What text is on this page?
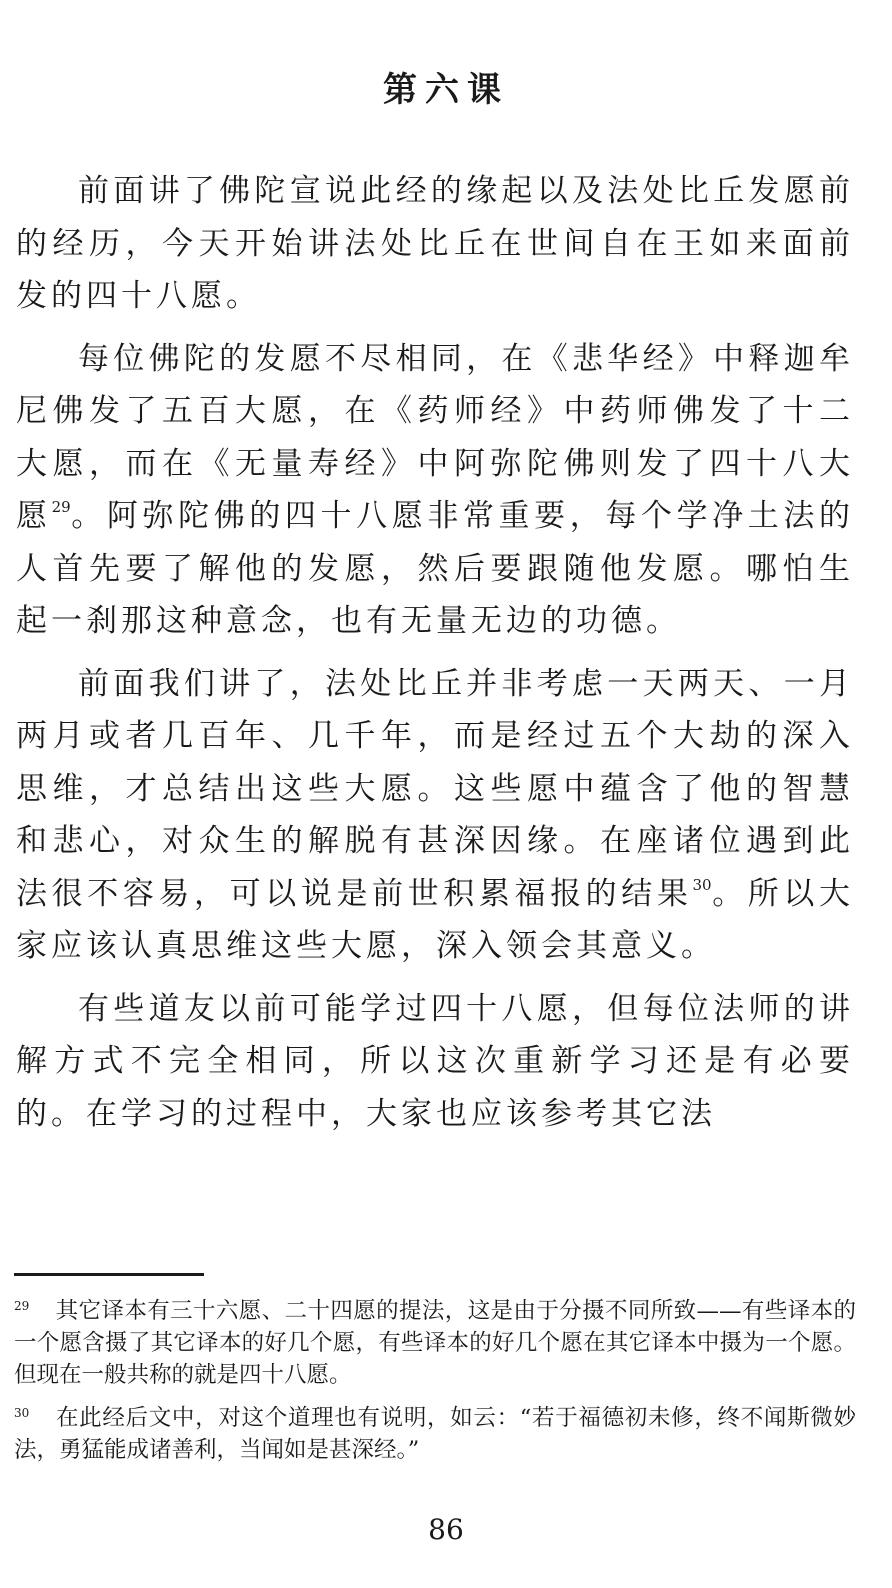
第六课

前面讲了佛陀宣说此经的缘起以及法处比丘发愿前的经历，今天开始讲法处比丘在世间自在王如来面前发的四十八愿。

每位佛陀的发愿不尽相同，在《悲华经》中释迦牟尼佛发了五百大愿，在《药师经》中药师佛发了十二大愿，而在《无量寿经》中阿弥陀佛则发了四十八大愿$^{29}$。阿弥陀佛的四十八愿非常重要，每个学净土法的人首先要了解他的发愿，然后要跟随他发愿。哪怕生起一刹那这种意念，也有无量无边的功德。

前面我们讲了，法处比丘并非考虑一天两天、一月两月或者几百年、几千年，而是经过五个大劫的深入思维，才总结出这些大愿。这些愿中蕴含了他的智慧和悲心，对众生的解脱有甚深因缘。在座诸位遇到此法很不容易，可以说是前世积累福报的结果$^{30}$。所以大家应该认真思维这些大愿，深入领会其意义。

有些道友以前可能学过四十八愿，但每位法师的讲解方式不完全相同，所以这次重新学习还是有必要的。在学习的过程中，大家也应该参考其它法

$^{29}$ 其它译本有三十六愿、二十四愿的提法，这是由于分摄不同所致——有些译本的一个愿含摄了其它译本的好几个愿，有些译本的好几个愿在其它译本中摄为一个愿。但现在一般共称的就是四十八愿。

$^{30}$ 在此经后文中，对这个道理也有说明，如云：“若于福德初未修，终不闻斯微妙法，勇猛能成诸善利，当闻如是甚深经。”

86
